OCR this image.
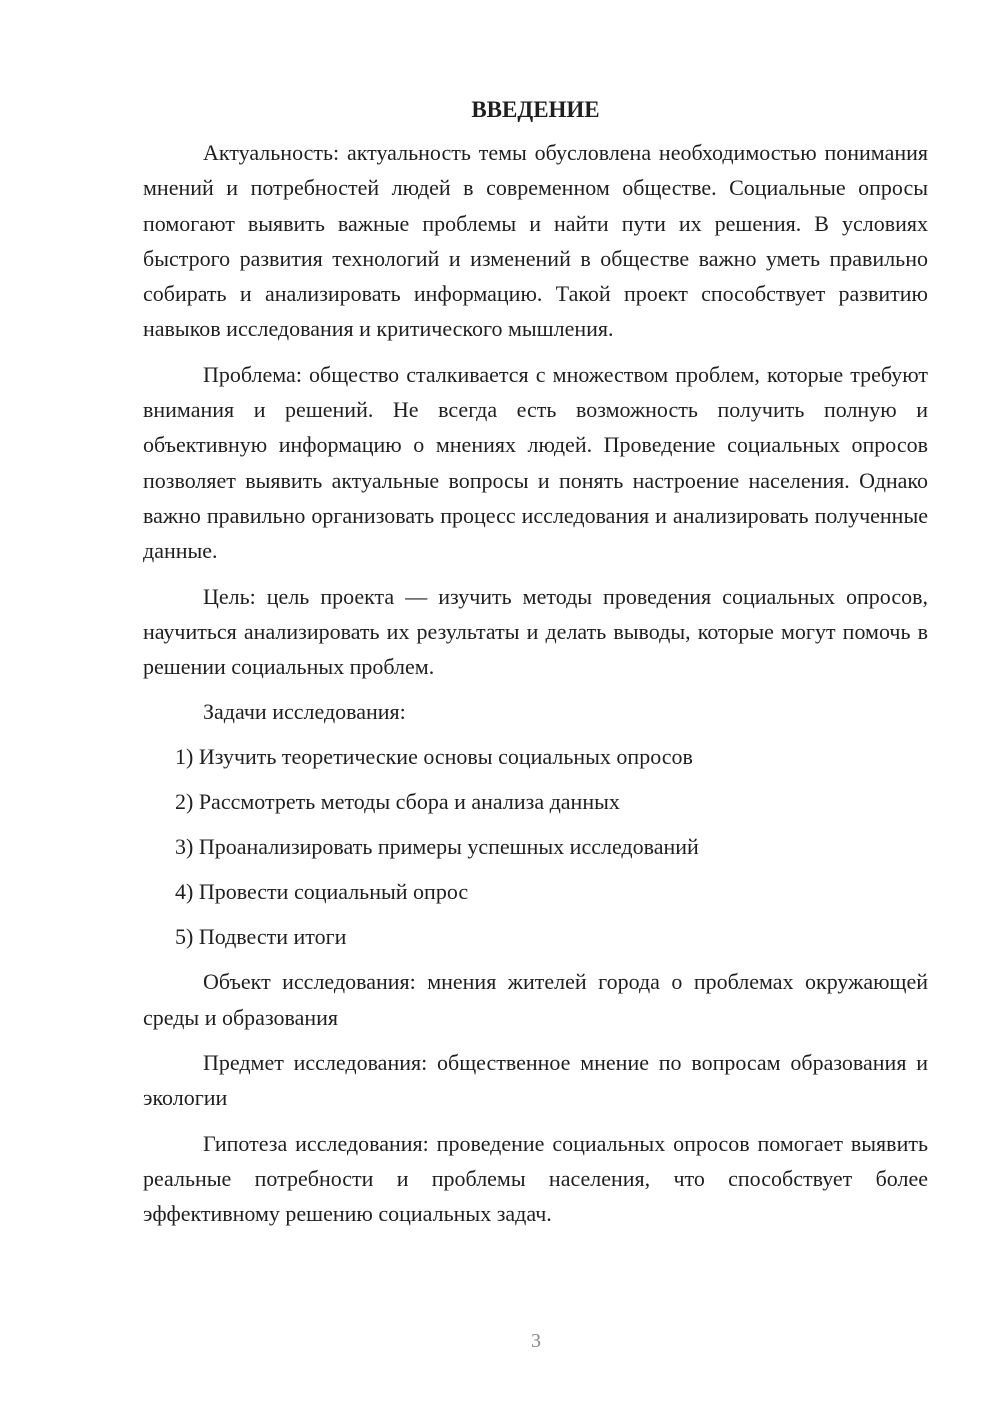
ВВЕДЕНИЕ

Актуальность: актуальность темы обусловлена необходимостью понимания мнений и потребностей людей в современном обществе. Социальные опросы помогают выявить важные проблемы и найти пути их решения. В условиях быстрого развития технологий и изменений в обществе важно уметь правильно собирать и анализировать информацию. Такой проект способствует развитию навыков исследования и критического мышления.

Проблема: общество сталкивается с множеством проблем, которые требуют внимания и решений. Не всегда есть возможность получить полную и объективную информацию о мнениях людей. Проведение социальных опросов позволяет выявить актуальные вопросы и понять настроение населения. Однако важно правильно организовать процесс исследования и анализировать полученные данные.

Цель: цель проекта — изучить методы проведения социальных опросов, научиться анализировать их результаты и делать выводы, которые могут помочь в решении социальных проблем.

Задачи исследования:
1) Изучить теоретические основы социальных опросов
2) Рассмотреть методы сбора и анализа данных
3) Проанализировать примеры успешных исследований
4) Провести социальный опрос
5) Подвести итоги

Объект исследования: мнения жителей города о проблемах окружающей среды и образования

Предмет исследования: общественное мнение по вопросам образования и экологии

Гипотеза исследования: проведение социальных опросов помогает выявить реальные потребности и проблемы населения, что способствует более эффективному решению социальных задач.

3
